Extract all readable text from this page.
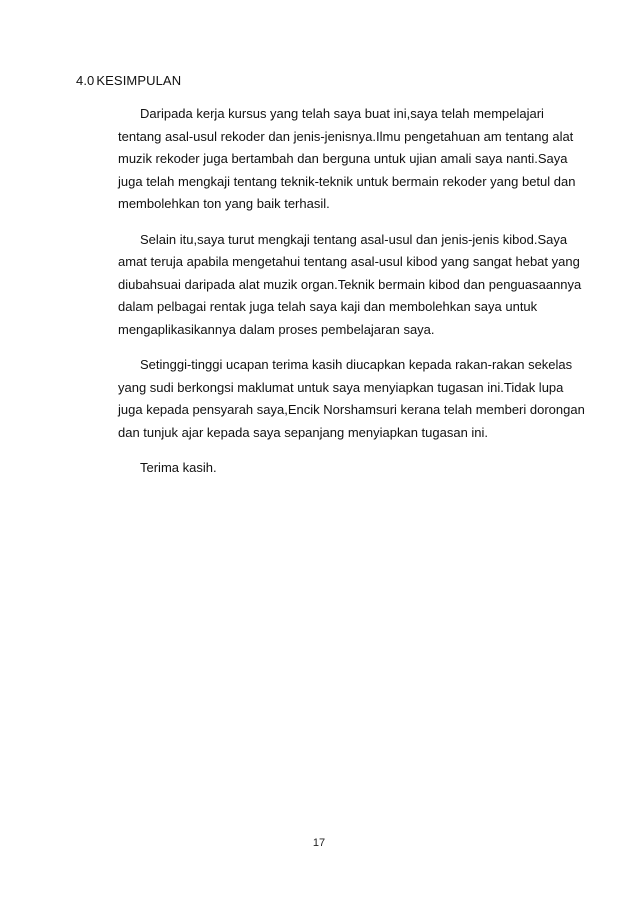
4.0 KESIMPULAN
Daripada kerja kursus yang telah saya buat ini,saya telah mempelajari
tentang asal-usul rekoder dan jenis-jenisnya.Ilmu pengetahuan am tentang alat
muzik rekoder juga bertambah dan berguna untuk ujian amali saya nanti.Saya
juga telah mengkaji tentang teknik-teknik untuk bermain rekoder yang betul dan
membolehkan ton yang baik terhasil.
Selain itu,saya turut mengkaji tentang asal-usul dan jenis-jenis kibod.Saya
amat teruja apabila mengetahui tentang asal-usul kibod yang sangat hebat yang
diubahsuai daripada alat muzik organ.Teknik bermain kibod dan penguasaannya
dalam pelbagai rentak juga telah saya kaji dan membolehkan saya untuk
mengaplikasikannya dalam proses pembelajaran saya.
Setinggi-tinggi ucapan terima kasih diucapkan kepada rakan-rakan sekelas
yang sudi berkongsi maklumat untuk saya menyiapkan tugasan ini.Tidak lupa
juga kepada pensyarah saya,Encik Norshamsuri kerana telah memberi dorongan
dan tunjuk ajar kepada saya sepanjang menyiapkan tugasan ini.
Terima kasih.
17
